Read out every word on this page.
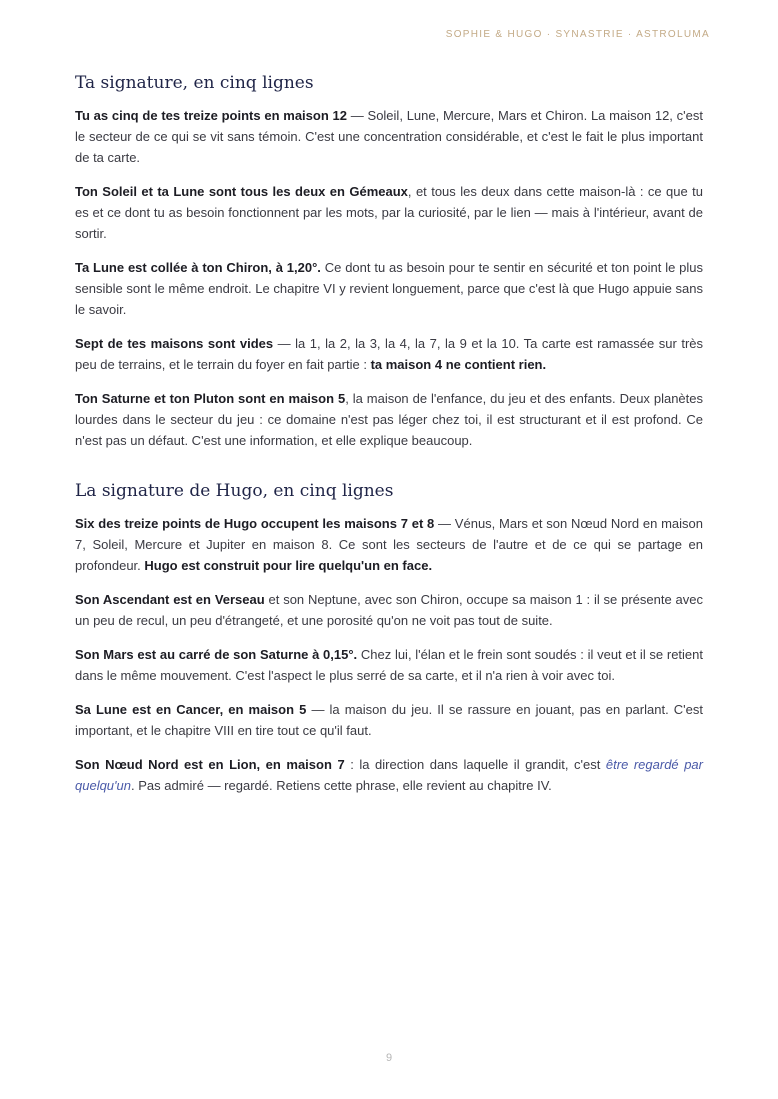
SOPHIE & HUGO · SYNASTRIE · ASTROLUMA
Ta signature, en cinq lignes

Tu as cinq de tes treize points en maison 12 — Soleil, Lune, Mercure, Mars et Chiron. La maison 12, c'est le secteur de ce qui se vit sans témoin. C'est une concentration considérable, et c'est le fait le plus important de ta carte.

Ton Soleil et ta Lune sont tous les deux en Gémeaux, et tous les deux dans cette maison-là : ce que tu es et ce dont tu as besoin fonctionnent par les mots, par la curiosité, par le lien — mais à l'intérieur, avant de sortir.

Ta Lune est collée à ton Chiron, à 1,20°. Ce dont tu as besoin pour te sentir en sécurité et ton point le plus sensible sont le même endroit. Le chapitre VI y revient longuement, parce que c'est là que Hugo appuie sans le savoir.

Sept de tes maisons sont vides — la 1, la 2, la 3, la 4, la 7, la 9 et la 10. Ta carte est ramassée sur très peu de terrains, et le terrain du foyer en fait partie : ta maison 4 ne contient rien.

Ton Saturne et ton Pluton sont en maison 5, la maison de l'enfance, du jeu et des enfants. Deux planètes lourdes dans le secteur du jeu : ce domaine n'est pas léger chez toi, il est structurant et il est profond. Ce n'est pas un défaut. C'est une information, et elle explique beaucoup.

La signature de Hugo, en cinq lignes

Six des treize points de Hugo occupent les maisons 7 et 8 — Vénus, Mars et son Nœud Nord en maison 7, Soleil, Mercure et Jupiter en maison 8. Ce sont les secteurs de l'autre et de ce qui se partage en profondeur. Hugo est construit pour lire quelqu'un en face.

Son Ascendant est en Verseau et son Neptune, avec son Chiron, occupe sa maison 1 : il se présente avec un peu de recul, un peu d'étrangeté, et une porosité qu'on ne voit pas tout de suite.

Son Mars est au carré de son Saturne à 0,15°. Chez lui, l'élan et le frein sont soudés : il veut et il se retient dans le même mouvement. C'est l'aspect le plus serré de sa carte, et il n'a rien à voir avec toi.

Sa Lune est en Cancer, en maison 5 — la maison du jeu. Il se rassure en jouant, pas en parlant. C'est important, et le chapitre VIII en tire tout ce qu'il faut.

Son Nœud Nord est en Lion, en maison 7 : la direction dans laquelle il grandit, c'est être regardé par quelqu'un. Pas admiré — regardé. Retiens cette phrase, elle revient au chapitre IV.

9
